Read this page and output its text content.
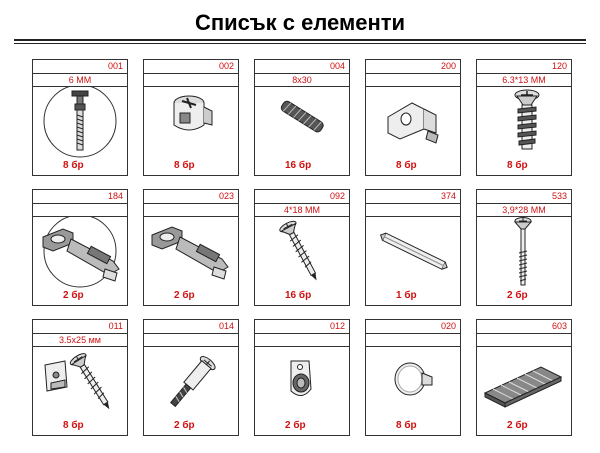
Списък с елементи
001
6 ММ
8 бр
002
8 бр
004
8х30
16 бр
200
8 бр
120
6.3*13 ММ
8 бр
184
2 бр
023
2 бр
092
4*18 ММ
16 бр
374
1 бр
533
3,9*28 ММ
2 бр
011
3.5х25 мм
8 бр
014
2 бр
012
2 бр
020
8 бр
603
2 бр
